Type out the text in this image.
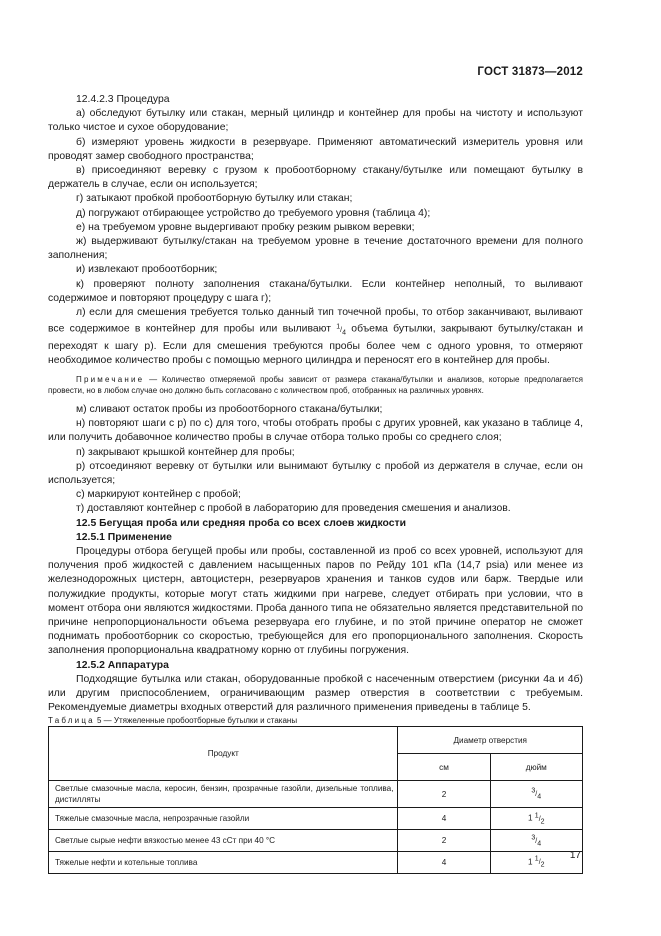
ГОСТ 31873—2012

12.4.2.3 Процедура

а) обследуют бутылку или стакан, мерный цилиндр и контейнер для пробы на чистоту и используют только чистое и сухое оборудование;

б) измеряют уровень жидкости в резервуаре. Применяют автоматический измеритель уровня или проводят замер свободного пространства;

в) присоединяют веревку с грузом к пробоотборному стакану/бутылке или помещают бутылку в держатель в случае, если он используется;

г) затыкают пробкой пробоотборную бутылку или стакан;

д) погружают отбирающее устройство до требуемого уровня (таблица 4);

е) на требуемом уровне выдергивают пробку резким рывком веревки;

ж) выдерживают бутылку/стакан на требуемом уровне в течение достаточного времени для полного заполнения;

и) извлекают пробоотборник;

к) проверяют полноту заполнения стакана/бутылки. Если контейнер неполный, то выливают содержимое и повторяют процедуру с шага г);

л) если для смешения требуется только данный тип точечной пробы, то отбор заканчивают, выливают все содержимое в контейнер для пробы или выливают $^1/_4$ объема бутылки, закрывают бутылку/стакан и переходят к шагу р). Если для смешения требуются пробы более чем с одного уровня, то отмеряют необходимое количество пробы с помощью мерного цилиндра и переносят его в контейнер для пробы.

Примечание — Количество отмеряемой пробы зависит от размера стакана/бутылки и анализов, которые предполагается провести, но в любом случае оно должно быть согласовано с количеством проб, отобранных на различных уровнях.

м) сливают остаток пробы из пробоотборного стакана/бутылки;

н) повторяют шаги с р) по с) для того, чтобы отобрать пробы с других уровней, как указано в таблице 4, или получить добавочное количество пробы в случае отбора только пробы со среднего слоя;

п) закрывают крышкой контейнер для пробы;

р) отсоединяют веревку от бутылки или вынимают бутылку с пробой из держателя в случае, если он используется;

с) маркируют контейнер с пробой;

т) доставляют контейнер с пробой в лабораторию для проведения смешения и анализов.

12.5 Бегущая проба или средняя проба со всех слоев жидкости

12.5.1 Применение

Процедуры отбора бегущей пробы или пробы, составленной из проб со всех уровней, используют для получения проб жидкостей с давлением насыщенных паров по Рейду 101 кПа (14,7 psia) или менее из железнодорожных цистерн, автоцистерн, резервуаров хранения и танков судов или барж. Твердые или полужидкие продукты, которые могут стать жидкими при нагреве, следует отбирать при условии, что в момент отбора они являются жидкостями. Проба данного типа не обязательно является представительной по причине непропорциональности объема резервуара его глубине, и по этой причине оператор не сможет поднимать пробоотборник со скоростью, требующейся для его пропорционального заполнения. Скорость заполнения пропорциональна квадратному корню от глубины погружения.

12.5.2 Аппаратура

Подходящие бутылка или стакан, оборудованные пробкой с насеченным отверстием (рисунки 4а и 4б) или другим приспособлением, ограничивающим размер отверстия в соответствии с требуемым. Рекомендуемые диаметры входных отверстий для различного применения приведены в таблице 5.

Таблица 5 — Утяжеленные пробоотборные бутылки и стаканы

Продукт	Диаметр отверстия	
	см	дюйм
Светлые смазочные масла, керосин, бензин, прозрачные газойли, дизельные топлива, дистилляты	2	$^3/_4$
Тяжелые смазочные масла, непрозрачные газойли	4	1 $^1/_2$
Светлые сырые нефти вязкостью менее 43 сСт при 40 °С	2	$^3/_4$
Тяжелые нефти и котельные топлива	4	1 $^1/_2$
17
